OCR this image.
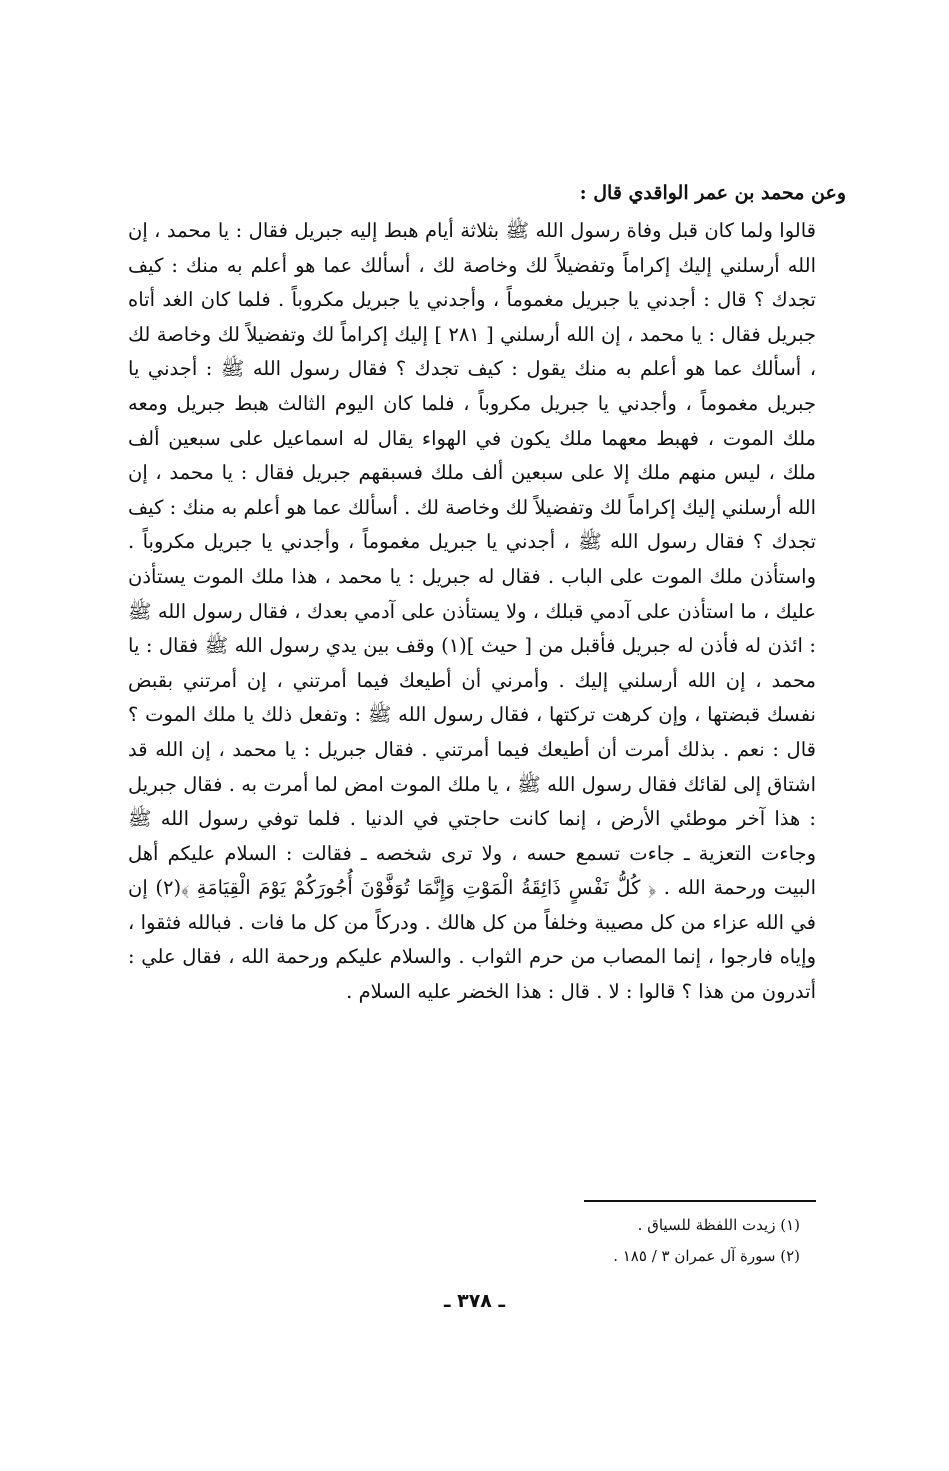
وعن محمد بن عمر الواقدي قال :

قالوا ولما كان قبل وفاة رسول الله ﷺ بثلاثة أيام هبط إليه جبريل فقال : يا محمد ، إن الله أرسلني إليك إكراماً وتفضيلاً لك وخاصة لك ، أسألك عما هو أعلم به منك : كيف تجدك ؟ قال : أجدني يا جبريل مغموماً ، وأجدني يا جبريل مكروباً . فلما كان الغد أتاه جبريل فقال : يا محمد ، إن الله أرسلني [ ٢٨١ ] إليك إكراماً لك وتفضيلاً لك وخاصة لك ، أسألك عما هو أعلم به منك يقول : كيف تجدك ؟ فقال رسول الله ﷺ : أجدني يا جبريل مغموماً ، وأجدني يا جبريل مكروباً ، فلما كان اليوم الثالث هبط جبريل ومعه ملك الموت ، فهبط معهما ملك يكون في الهواء يقال له اسماعيل على سبعين ألف ملك ، ليس منهم ملك إلا على سبعين ألف ملك فسبقهم جبريل فقال : يا محمد ، إن الله أرسلني إليك إكراماً لك وتفضيلاً لك وخاصة لك . أسألك عما هو أعلم به منك : كيف تجدك ؟ فقال رسول الله ﷺ ، أجدني يا جبريل مغموماً ، وأجدني يا جبريل مكروباً . واستأذن ملك الموت على الباب . فقال له جبريل : يا محمد ، هذا ملك الموت يستأذن عليك ، ما استأذن على آدمي قبلك ، ولا يستأذن على آدمي بعدك ، فقال رسول الله ﷺ : ائذن له فأذن له جبريل فأقبل من [ حيث ](١) وقف بين يدي رسول الله ﷺ فقال : يا محمد ، إن الله أرسلني إليك . وأمرني أن أطيعك فيما أمرتني ، إن أمرتني بقبض نفسك قبضتها ، وإن كرهت تركتها ، فقال رسول الله ﷺ : وتفعل ذلك يا ملك الموت ؟ قال : نعم . بذلك أمرت أن أطيعك فيما أمرتني . فقال جبريل : يا محمد ، إن الله قد اشتاق إلى لقائك فقال رسول الله ﷺ ، يا ملك الموت امض لما أمرت به . فقال جبريل : هذا آخر موطئي الأرض ، إنما كانت حاجتي في الدنيا . فلما توفي رسول الله ﷺ وجاءت التعزية ـ جاءت تسمع حسه ، ولا ترى شخصه ـ فقالت : السلام عليكم أهل البيت ورحمة الله . ﴿ كُلُّ نَفْسٍ ذَائِقَةُ الْمَوْتِ وَإِنَّمَا تُوَفَّوْنَ أُجُورَكُمْ يَوْمَ الْقِيَامَةِ ﴾(٢) إن في الله عزاء من كل مصيبة وخلفاً من كل هالك . ودركاً من كل ما فات . فبالله فثقوا ، وإياه فارجوا ، إنما المصاب من حرم الثواب . والسلام عليكم ورحمة الله ، فقال علي : أتدرون من هذا ؟ قالوا : لا . قال : هذا الخضر عليه السلام .

(١) زيدت اللفظة للسياق .
(٢) سورة آل عمران ٣ / ١٨٥ .
ـ ٣٧٨ ـ
